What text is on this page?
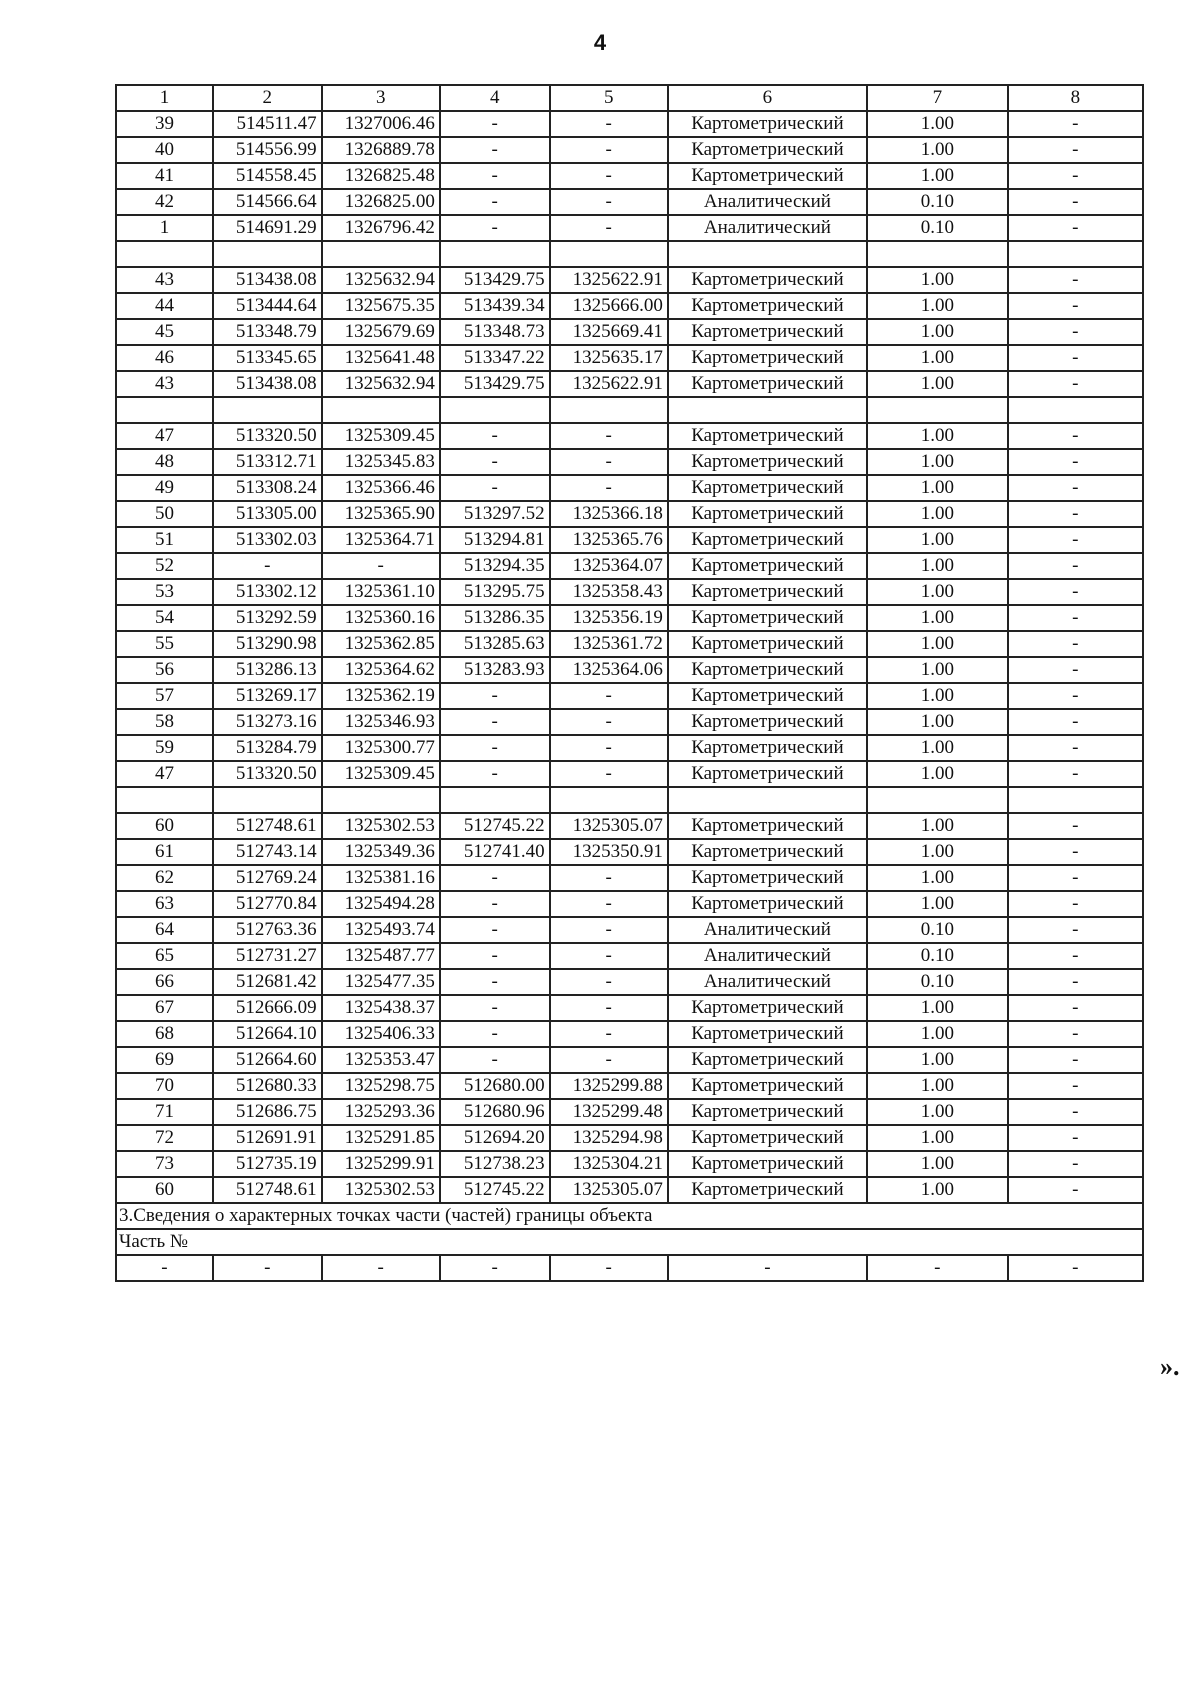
4
1	2	3	4	5	6	7	8
39	514511.47	1327006.46	-	-	Картометрический	1.00	-
40	514556.99	1326889.78	-	-	Картометрический	1.00	-
41	514558.45	1326825.48	-	-	Картометрический	1.00	-
42	514566.64	1326825.00	-	-	Аналитический	0.10	-
1	514691.29	1326796.42	-	-	Аналитический	0.10	-

43	513438.08	1325632.94	513429.75	1325622.91	Картометрический	1.00	-
44	513444.64	1325675.35	513439.34	1325666.00	Картометрический	1.00	-
45	513348.79	1325679.69	513348.73	1325669.41	Картометрический	1.00	-
46	513345.65	1325641.48	513347.22	1325635.17	Картометрический	1.00	-
43	513438.08	1325632.94	513429.75	1325622.91	Картометрический	1.00	-

47	513320.50	1325309.45	-	-	Картометрический	1.00	-
48	513312.71	1325345.83	-	-	Картометрический	1.00	-
49	513308.24	1325366.46	-	-	Картометрический	1.00	-
50	513305.00	1325365.90	513297.52	1325366.18	Картометрический	1.00	-
51	513302.03	1325364.71	513294.81	1325365.76	Картометрический	1.00	-
52	-	-	513294.35	1325364.07	Картометрический	1.00	-
53	513302.12	1325361.10	513295.75	1325358.43	Картометрический	1.00	-
54	513292.59	1325360.16	513286.35	1325356.19	Картометрический	1.00	-
55	513290.98	1325362.85	513285.63	1325361.72	Картометрический	1.00	-
56	513286.13	1325364.62	513283.93	1325364.06	Картометрический	1.00	-
57	513269.17	1325362.19	-	-	Картометрический	1.00	-
58	513273.16	1325346.93	-	-	Картометрический	1.00	-
59	513284.79	1325300.77	-	-	Картометрический	1.00	-
47	513320.50	1325309.45	-	-	Картометрический	1.00	-

60	512748.61	1325302.53	512745.22	1325305.07	Картометрический	1.00	-
61	512743.14	1325349.36	512741.40	1325350.91	Картометрический	1.00	-
62	512769.24	1325381.16	-	-	Картометрический	1.00	-
63	512770.84	1325494.28	-	-	Картометрический	1.00	-
64	512763.36	1325493.74	-	-	Аналитический	0.10	-
65	512731.27	1325487.77	-	-	Аналитический	0.10	-
66	512681.42	1325477.35	-	-	Аналитический	0.10	-
67	512666.09	1325438.37	-	-	Картометрический	1.00	-
68	512664.10	1325406.33	-	-	Картометрический	1.00	-
69	512664.60	1325353.47	-	-	Картометрический	1.00	-
70	512680.33	1325298.75	512680.00	1325299.88	Картометрический	1.00	-
71	512686.75	1325293.36	512680.96	1325299.48	Картометрический	1.00	-
72	512691.91	1325291.85	512694.20	1325294.98	Картометрический	1.00	-
73	512735.19	1325299.91	512738.23	1325304.21	Картометрический	1.00	-
60	512748.61	1325302.53	512745.22	1325305.07	Картометрический	1.00	-
3.Сведения о характерных точках части (частей) границы объекта							
Часть №							
-	-	-	-	-	-	-	-
».
